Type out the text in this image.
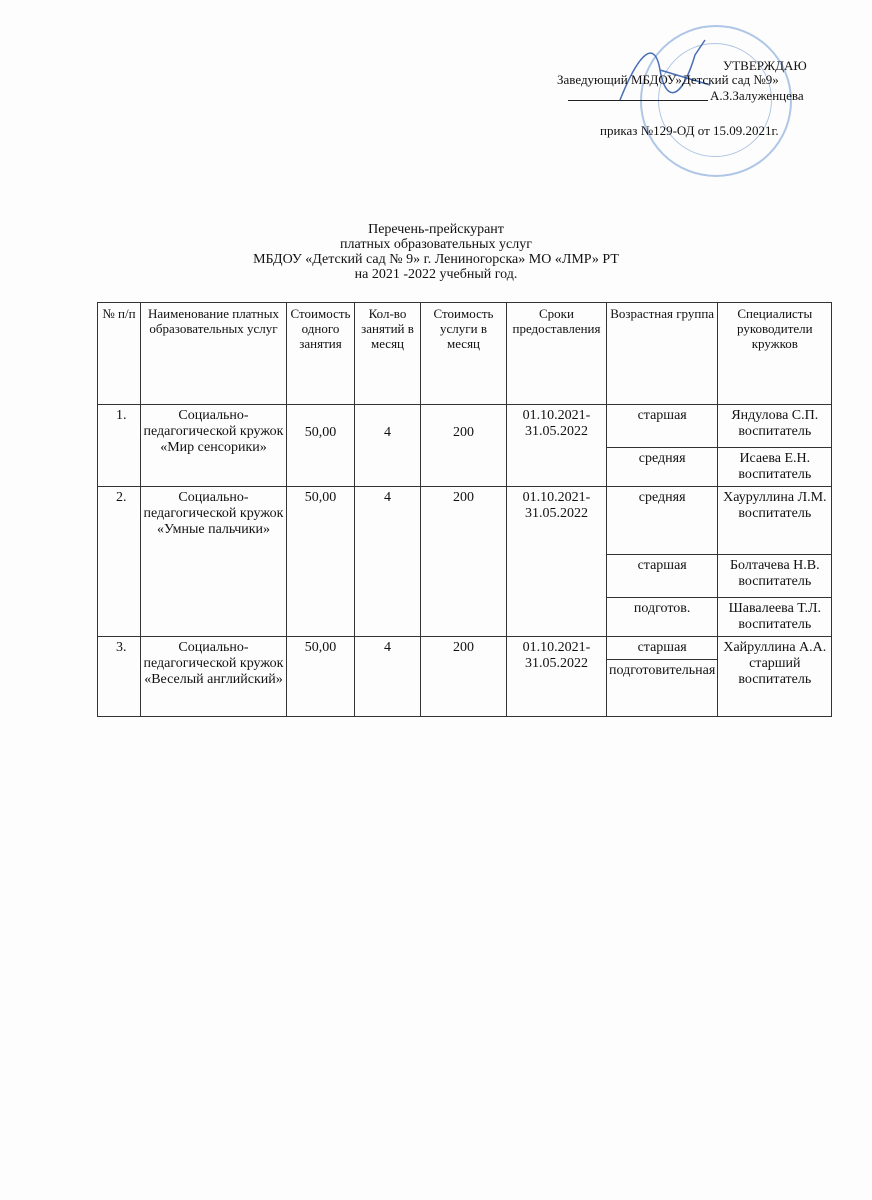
УТВЕРЖДАЮ
Заведующий МБДОУ»Детский сад №9»
А.З.Залуженцева
приказ №129-ОД от 15.09.2021г.
Перечень-прейскурант
платных образовательных услуг
МБДОУ «Детский сад № 9» г. Лениногорска» МО «ЛМР» РТ
на 2021 -2022 учебный год.
№ п/п	Наименование платных образовательных услуг	Стоимость одного занятия	Кол-во занятий в месяц	Стоимость услуги в месяц	Сроки предоставления	Возрастная группа	Специалисты руководители кружков
1.	Социально-педагогической кружок «Мир сенсорики»	50,00	4	200	01.10.2021-31.05.2022	старшая	Яндулова С.П. воспитатель
						средняя	Исаева Е.Н. воспитатель
2.	Социально-педагогической кружок «Умные пальчики»	50,00	4	200	01.10.2021-31.05.2022	средняя	Хауруллина Л.М. воспитатель
						старшая	Болтачева Н.В. воспитатель
						подготов.	Шавалеева Т.Л. воспитатель
3.	Социально-педагогической кружок «Веселый английский»	50,00	4	200	01.10.2021-31.05.2022	старшая	Хайруллина А.А. старший воспитатель
						подготовительная	
